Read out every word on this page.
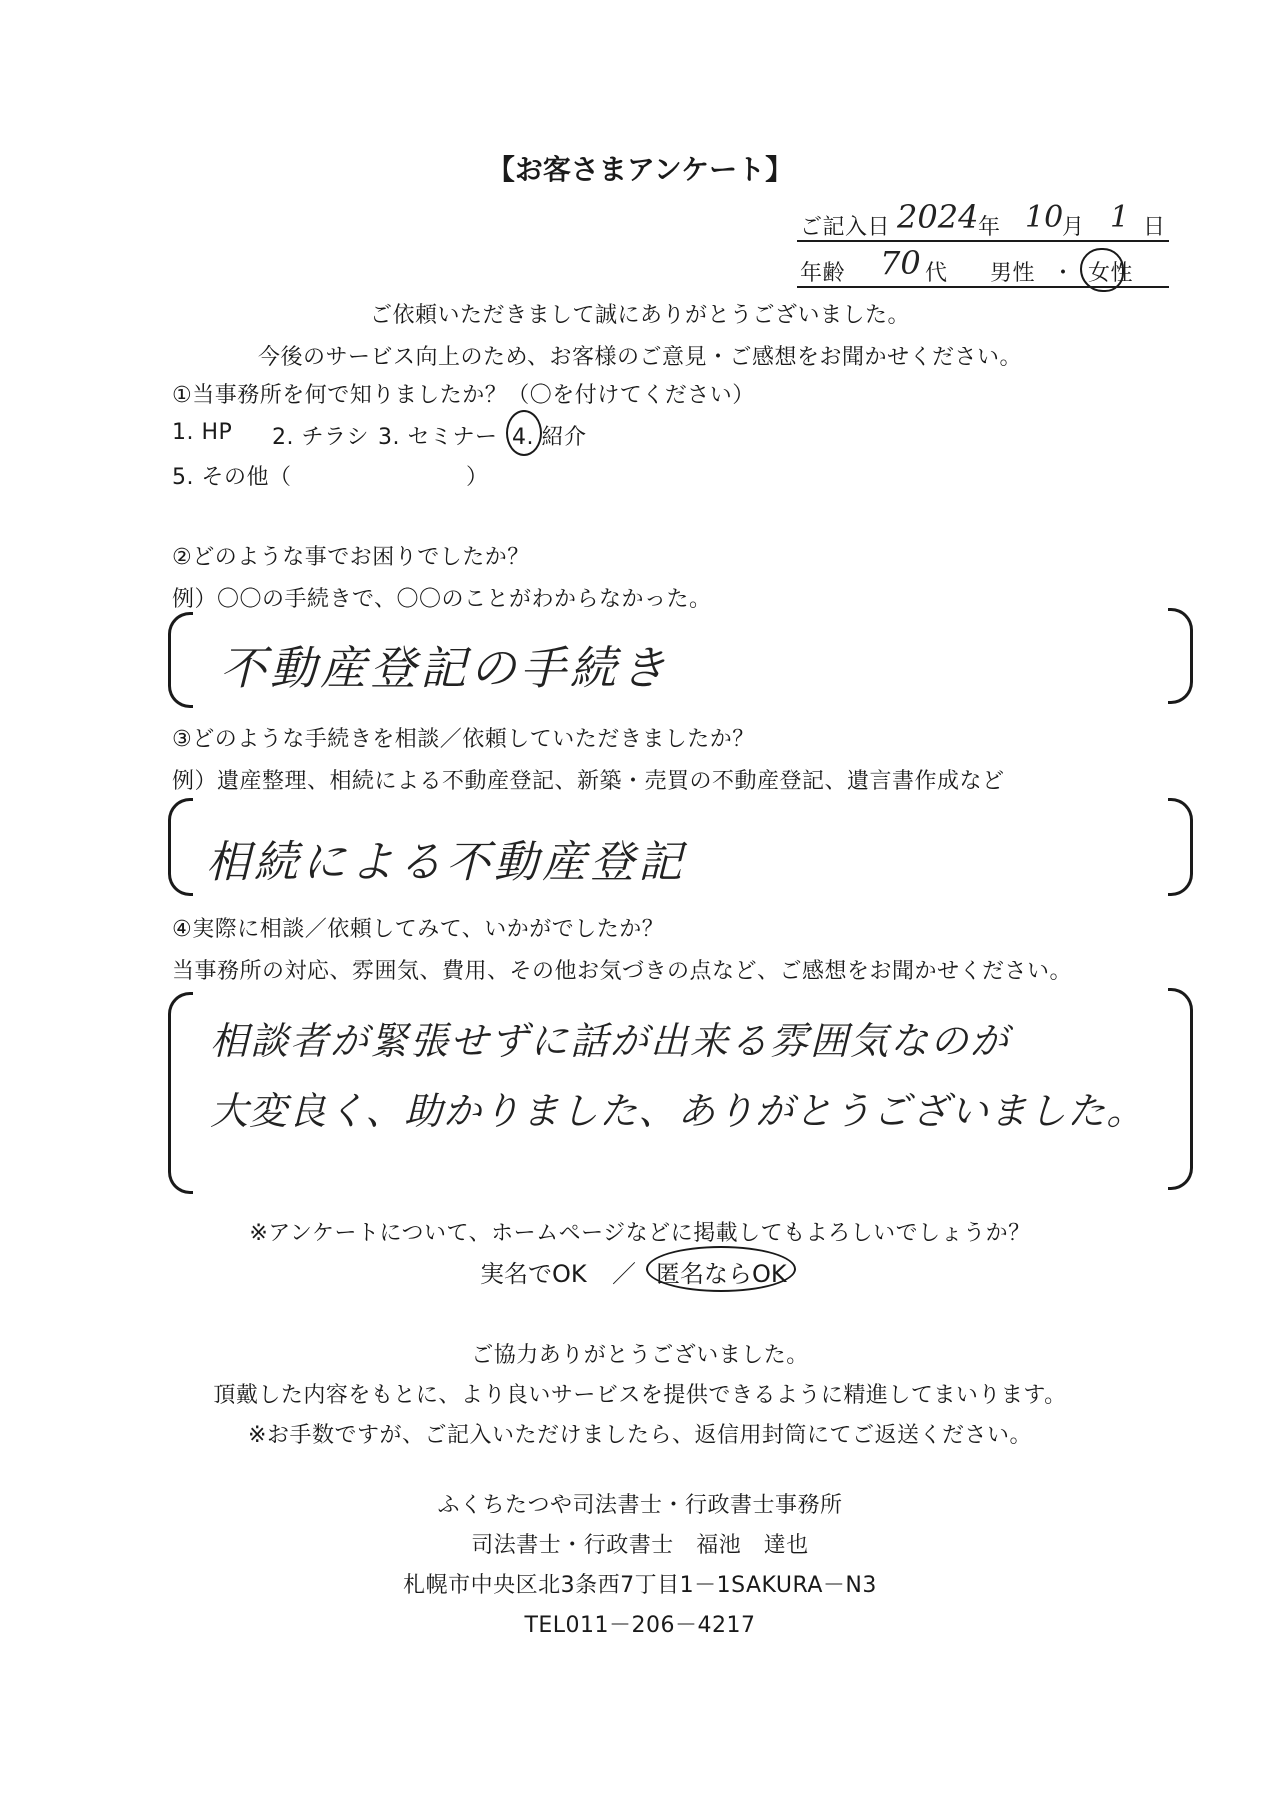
【お客さまアンケート】
ご記入日 2024 年 10
月 1 日
年齢 70 代 男性 ・ 女性
ご依頼いただきまして誠にありがとうございました。
今後のサービス向上のため、お客様のご意見・ご感想をお聞かせください。
①当事務所を何で知りましたか？（〇を付けてください）
1. HP 2. チラシ 3. セミナー 4. 紹介
5. その他（	）
②どのような事でお困りでしたか？
例）〇〇の手続きで、〇〇のことがわからなかった。
不動産登記の手続き
③どのような手続きを相談／依頼していただきましたか？
例）遺産整理、相続による不動産登記、新築・売買の不動産登記、遺言書作成など
相続による不動産登記
④実際に相談／依頼してみて、いかがでしたか？
当事務所の対応、雰囲気、費用、その他お気づきの点など、ご感想をお聞かせください。
相談者が緊張せずに話が出来る雰囲気なのが
大変良く、助かりました、ありがとうございました。
※アンケートについて、ホームページなどに掲載してもよろしいでしょうか？
実名でOK ／ 匿名ならOK
ご協力ありがとうございました。
頂戴した内容をもとに、より良いサービスを提供できるように精進してまいります。
※お手数ですが、ご記入いただけましたら、返信用封筒にてご返送ください。
ふくちたつや司法書士・行政書士事務所
司法書士・行政書士　福池　達也
札幌市中央区北3条西7丁目1－1SAKURA－N3
TEL011－206－4217
